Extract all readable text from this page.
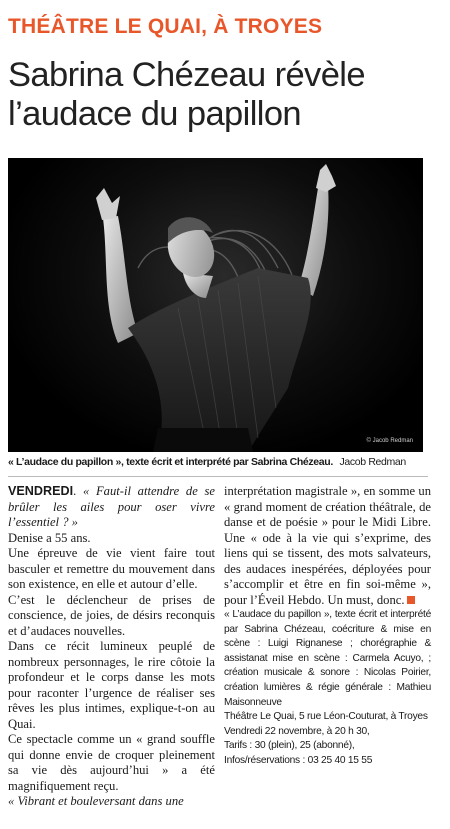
THÉÂTRE LE QUAI, À TROYES
Sabrina Chézeau révèle l’audace du papillon
© Jacob Redman
« L’audace du papillon », texte écrit et interprété par Sabrina Chézeau. Jacob Redman

VENDREDI. « Faut-il attendre de se brûler les ailes pour oser vivre l’essentiel ? »

Denise a 55 ans.

Une épreuve de vie vient faire tout basculer et remettre du mouvement dans son existence, en elle et autour d’elle.

C’est le déclencheur de prises de conscience, de joies, de désirs reconquis et d’audaces nouvelles.

Dans ce récit lumineux peuplé de nombreux personnages, le rire côtoie la profondeur et le corps danse les mots pour raconter l’urgence de réaliser ses rêves les plus intimes, explique-t-on au Quai.

Ce spectacle comme un « grand souffle qui donne envie de croquer pleinement sa vie dès aujourd’hui » a été magnifiquement reçu.

« Vibrant et bouleversant dans une

interprétation magistrale », en somme un « grand moment de création théâtrale, de danse et de poésie » pour le Midi Libre. Une « ode à la vie qui s’exprime, des liens qui se tissent, des mots salvateurs, des audaces inespérées, déployées pour s’accomplir et être en fin soi-même », pour l’Éveil Hebdo. Un must, donc.

« L’audace du papillon », texte écrit et interprété par Sabrina Chézeau, coécriture & mise en scène : Luigi Rignanese ; chorégraphie & assistanat mise en scène : Carmela Acuyo, ; création musicale & sonore : Nicolas Poirier, création lumières & régie générale : Mathieu Maisonneuve

Théâtre Le Quai, 5 rue Léon-Couturat, à Troyes

Vendredi 22 novembre, à 20 h 30,

Tarifs : 30 (plein), 25 (abonné),

Infos/réservations : 03 25 40 15 55
